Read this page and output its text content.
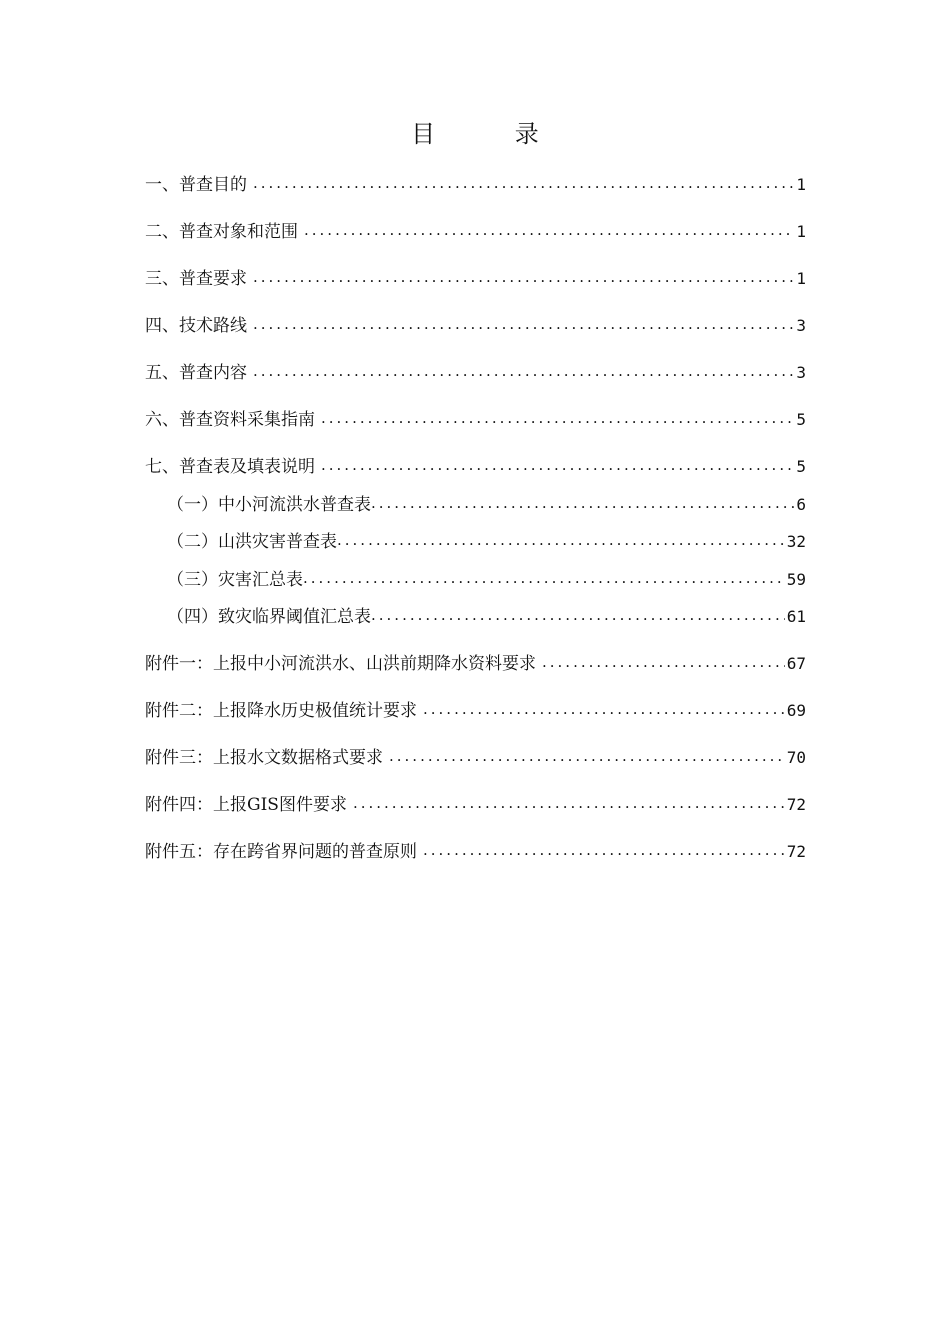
目 录
一、普查目的 .....	1
二、普查对象和范围 .....	1
三、普查要求 .....	1
四、技术路线 .....	3
五、普查内容 .....	3
六、普查资料采集指南 .....	5
七、普查表及填表说明 .....	5
（一）中小河流洪水普查表 .....	6
（二）山洪灾害普查表 .....	32
（三）灾害汇总表 .....	59
（四）致灾临界阈值汇总表 .....	61
附件一：上报中小河流洪水、山洪前期降水资料要求 .....	67
附件二：上报降水历史极值统计要求 .....	69
附件三：上报水文数据格式要求 .....	70
附件四：上报GIS图件要求 .....	72
附件五：存在跨省界问题的普查原则 .....	72
